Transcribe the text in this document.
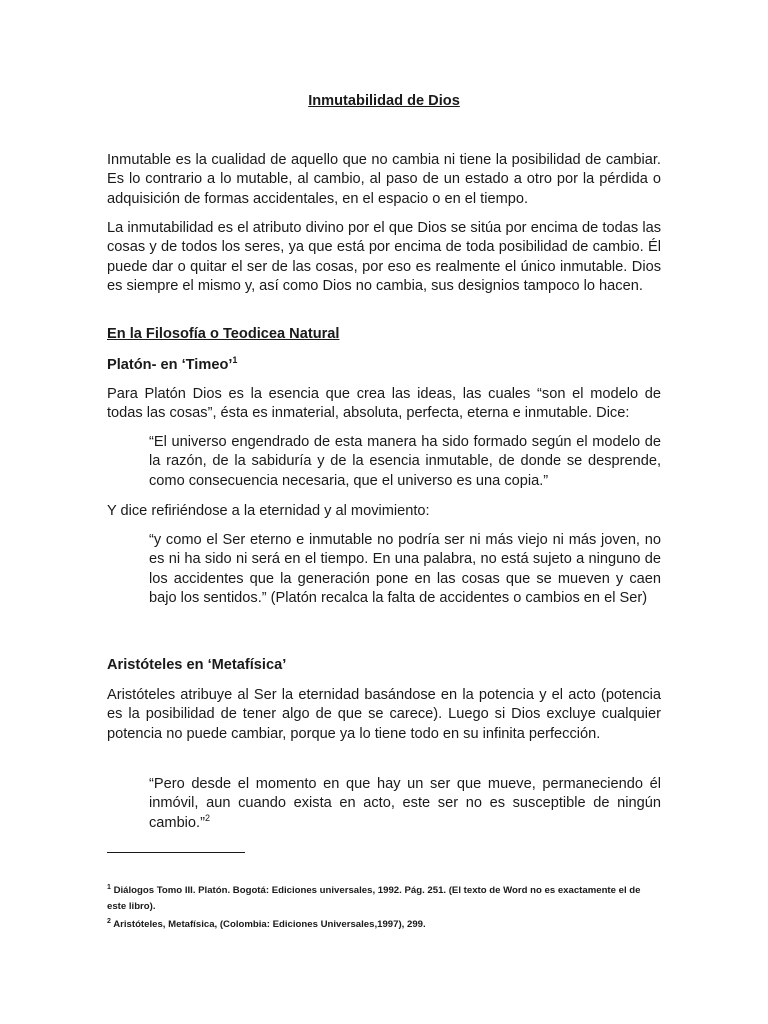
Inmutabilidad de Dios

Inmutable es la cualidad de aquello que no cambia ni tiene la posibilidad de cambiar. Es lo contrario a lo mutable, al cambio, al paso de un estado a otro por la pérdida o adquisición de formas accidentales, en el espacio o en el tiempo.

La inmutabilidad es el atributo divino por el que Dios se sitúa por encima de todas las cosas y de todos los seres, ya que está por encima de toda posibilidad de cambio. Él puede dar o quitar el ser de las cosas, por eso es realmente el único inmutable. Dios es siempre el mismo y, así como Dios no cambia, sus designios tampoco lo hacen.

En la Filosofía o Teodicea Natural
Platón- en ‘Timeo’$^1$

Para Platón Dios es la esencia que crea las ideas, las cuales “son el modelo de todas las cosas”, ésta es inmaterial, absoluta, perfecta, eterna e inmutable. Dice:

“El universo engendrado de esta manera ha sido formado según el modelo de la razón, de la sabiduría y de la esencia inmutable, de donde se desprende, como consecuencia necesaria, que el universo es una copia.”

Y dice refiriéndose a la eternidad y al movimiento:

“y como el Ser eterno e inmutable no podría ser ni más viejo ni más joven, no es ni ha sido ni será en el tiempo. En una palabra, no está sujeto a ninguno de los accidentes que la generación pone en las cosas que se mueven y caen bajo los sentidos.” (Platón recalca la falta de accidentes o cambios en el Ser)

Aristóteles en ‘Metafísica’

Aristóteles atribuye al Ser la eternidad basándose en la potencia y el acto (potencia es la posibilidad de tener algo de que se carece). Luego si Dios excluye cualquier potencia no puede cambiar, porque ya lo tiene todo en su infinita perfección.

“Pero desde el momento en que hay un ser que mueve, permaneciendo él inmóvil, aun cuando exista en acto, este ser no es susceptible de ningún cambio.”$^2$

$^1$ Diálogos Tomo III. Platón. Bogotá: Ediciones universales, 1992. Pág. 251. (El texto de Word no es exactamente el de este libro).

$^2$ Aristóteles, Metafísica, (Colombia: Ediciones Universales,1997), 299.
